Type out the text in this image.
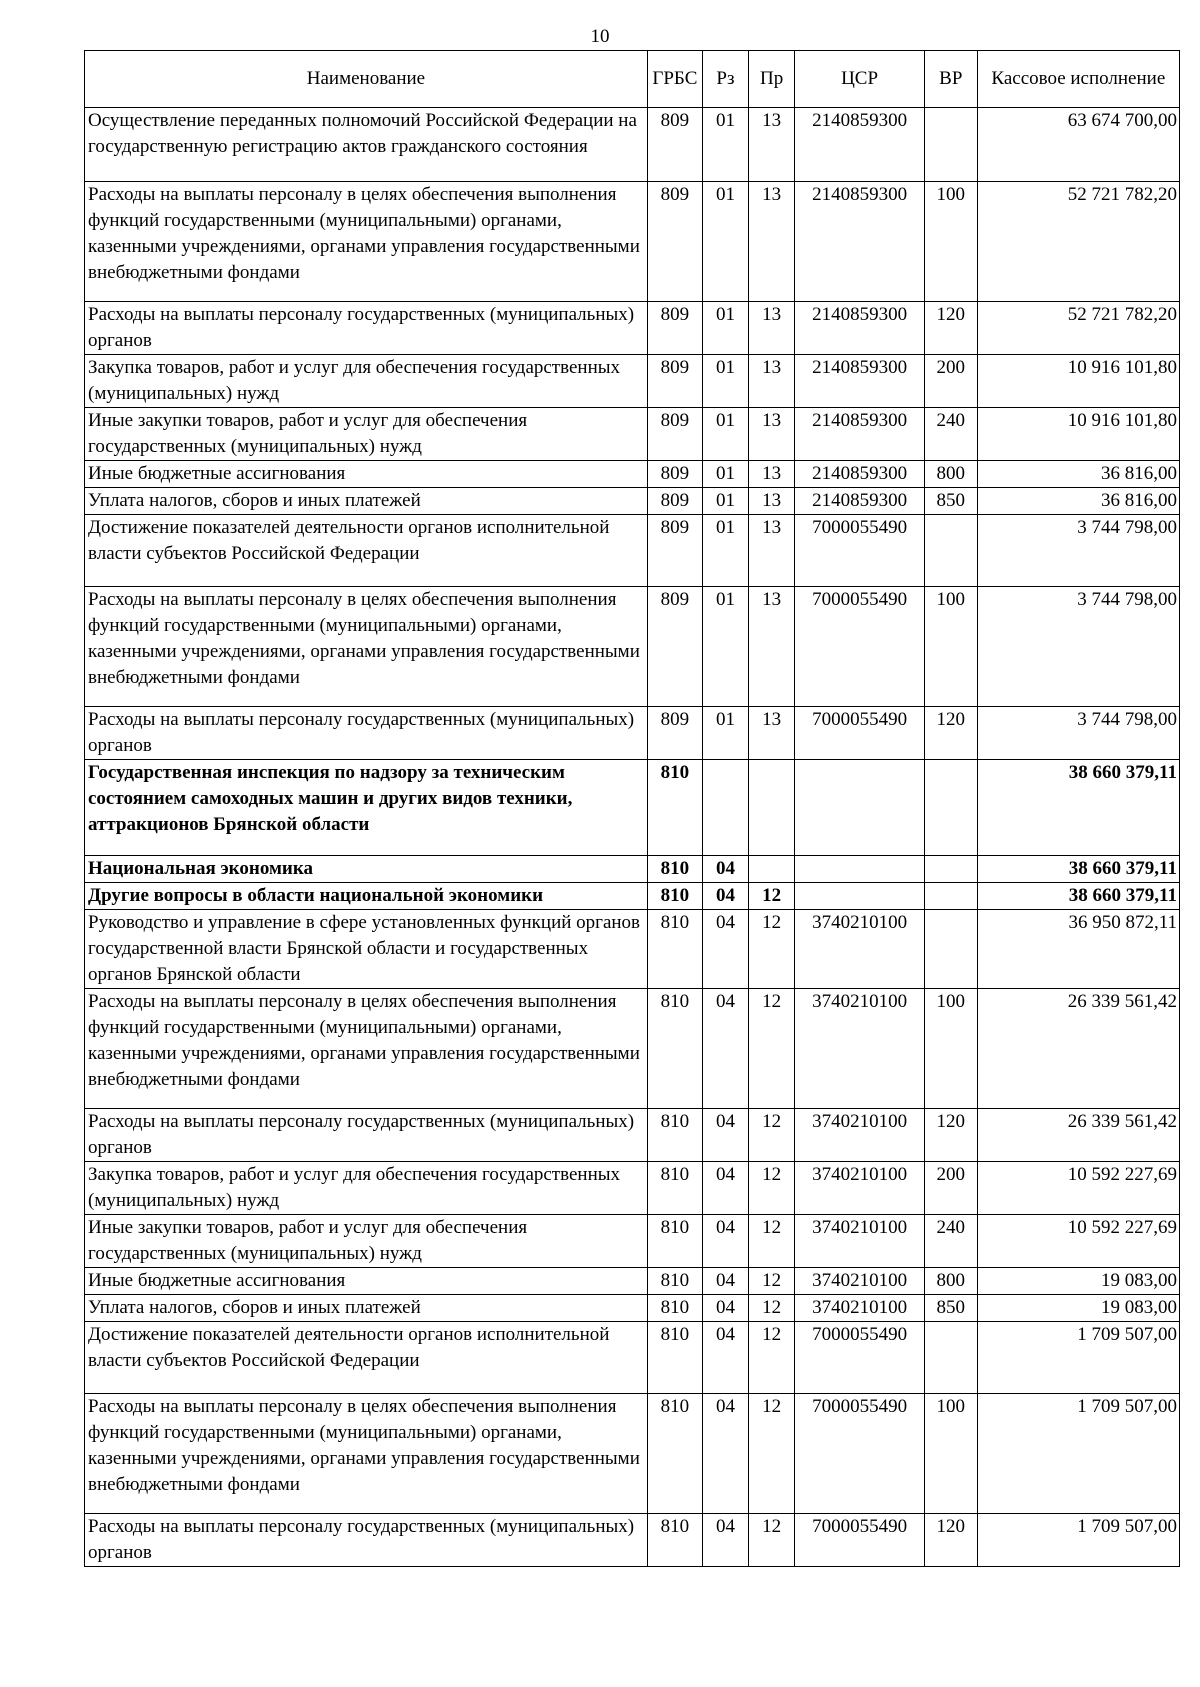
10
Наименование	ГРБС	Рз	Пр	ЦСР	ВР	Кассовое исполнение
Осуществление переданных полномочий Российской Федерации на государственную регистрацию актов гражданского состояния	809	01	13	2140859300		63 674 700,00
Расходы на выплаты персоналу в целях обеспечения выполнения функций государственными (муниципальными) органами, казенными учреждениями, органами управления государственными внебюджетными фондами	809	01	13	2140859300	100	52 721 782,20
Расходы на выплаты персоналу государственных (муниципальных) органов	809	01	13	2140859300	120	52 721 782,20
Закупка товаров, работ и услуг для обеспечения государственных (муниципальных) нужд	809	01	13	2140859300	200	10 916 101,80
Иные закупки товаров, работ и услуг для обеспечения государственных (муниципальных) нужд	809	01	13	2140859300	240	10 916 101,80
Иные бюджетные ассигнования	809	01	13	2140859300	800	36 816,00
Уплата налогов, сборов и иных платежей	809	01	13	2140859300	850	36 816,00
Достижение показателей деятельности органов исполнительной власти субъектов Российской Федерации	809	01	13	7000055490		3 744 798,00
Расходы на выплаты персоналу в целях обеспечения выполнения функций государственными (муниципальными) органами, казенными учреждениями, органами управления государственными внебюджетными фондами	809	01	13	7000055490	100	3 744 798,00
Расходы на выплаты персоналу государственных (муниципальных) органов	809	01	13	7000055490	120	3 744 798,00
Государственная инспекция по надзору за техническим состоянием самоходных машин и других видов техники, аттракционов Брянской области	810					38 660 379,11
Национальная экономика	810	04				38 660 379,11
Другие вопросы в области национальной экономики	810	04	12			38 660 379,11
Руководство и управление в сфере установленных функций органов государственной власти Брянской области и государственных органов Брянской области	810	04	12	3740210100		36 950 872,11
Расходы на выплаты персоналу в целях обеспечения выполнения функций государственными (муниципальными) органами, казенными учреждениями, органами управления государственными внебюджетными фондами	810	04	12	3740210100	100	26 339 561,42
Расходы на выплаты персоналу государственных (муниципальных) органов	810	04	12	3740210100	120	26 339 561,42
Закупка товаров, работ и услуг для обеспечения государственных (муниципальных) нужд	810	04	12	3740210100	200	10 592 227,69
Иные закупки товаров, работ и услуг для обеспечения государственных (муниципальных) нужд	810	04	12	3740210100	240	10 592 227,69
Иные бюджетные ассигнования	810	04	12	3740210100	800	19 083,00
Уплата налогов, сборов и иных платежей	810	04	12	3740210100	850	19 083,00
Достижение показателей деятельности органов исполнительной власти субъектов Российской Федерации	810	04	12	7000055490		1 709 507,00
Расходы на выплаты персоналу в целях обеспечения выполнения функций государственными (муниципальными) органами, казенными учреждениями, органами управления государственными внебюджетными фондами	810	04	12	7000055490	100	1 709 507,00
Расходы на выплаты персоналу государственных (муниципальных) органов	810	04	12	7000055490	120	1 709 507,00
